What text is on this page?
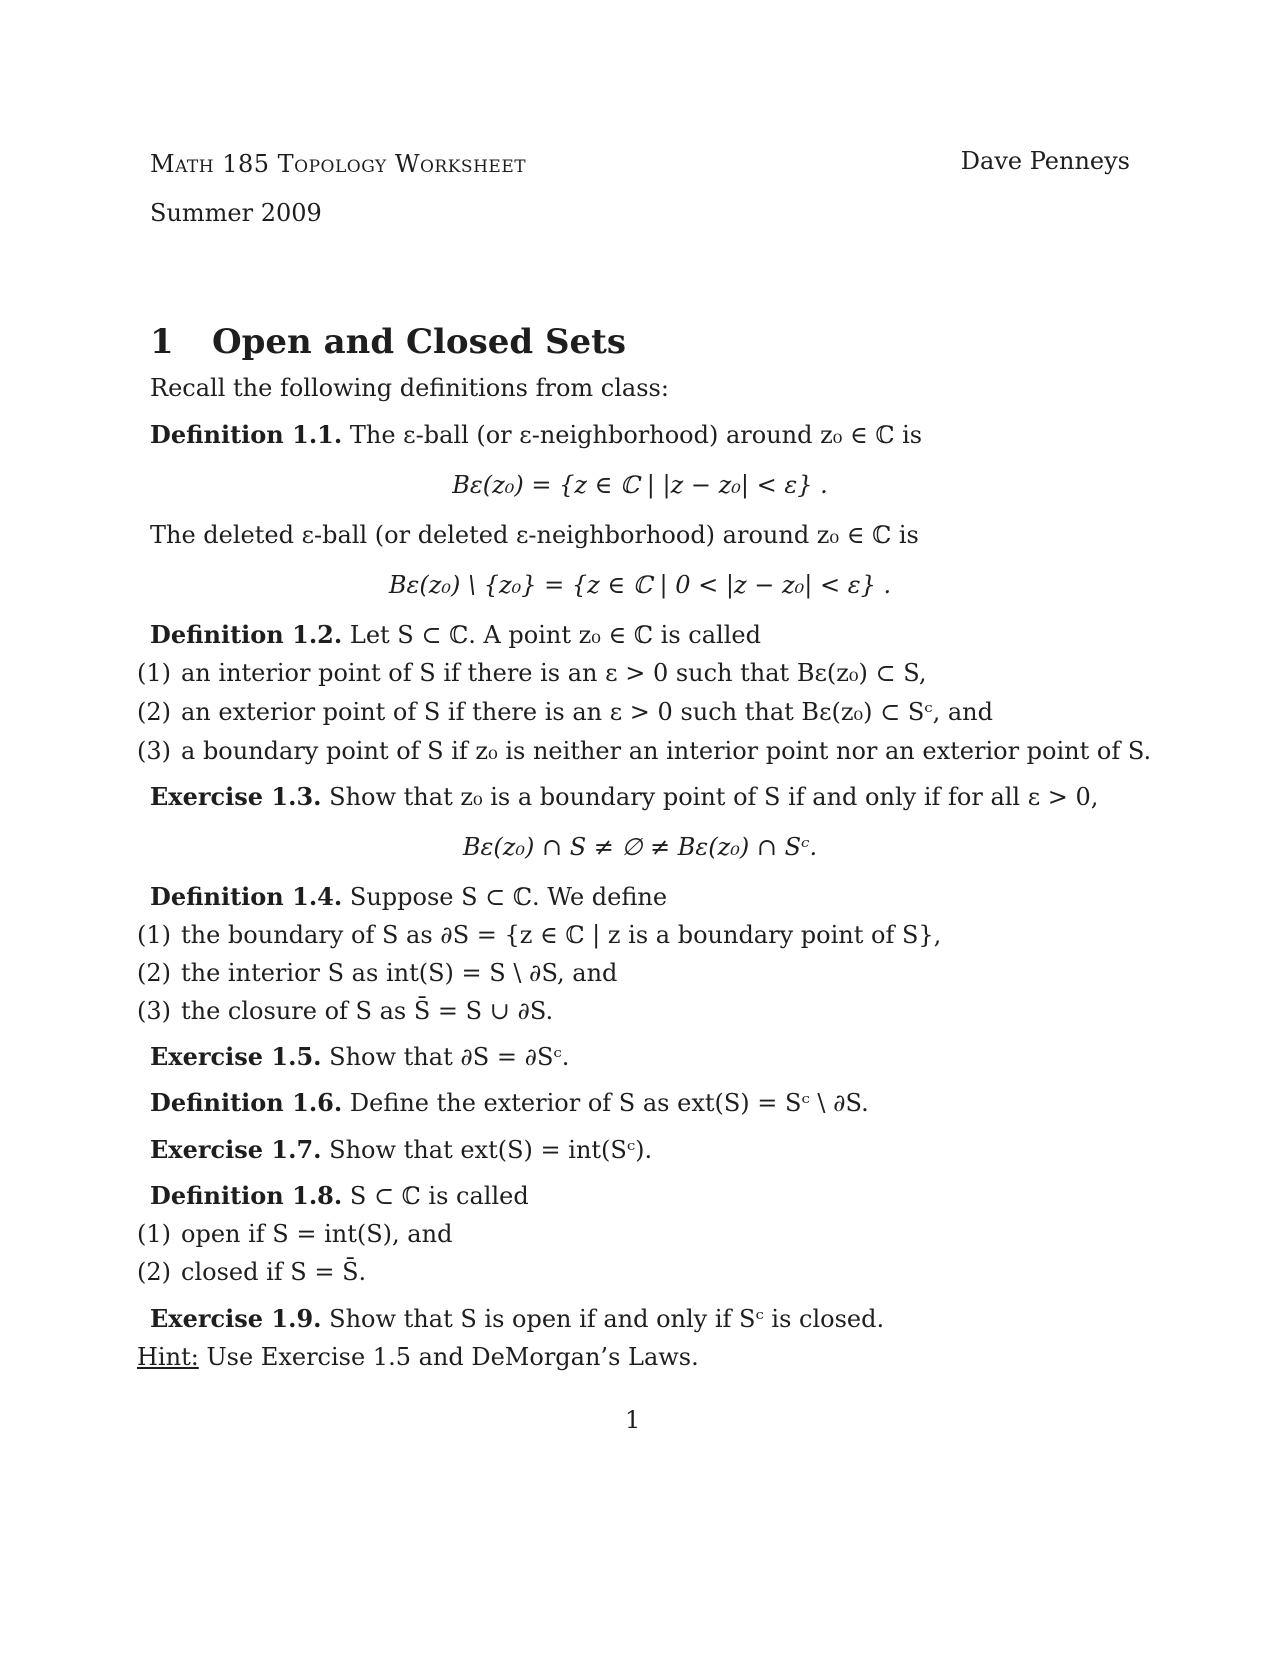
Math 185 Topology Worksheet	Dave Penneys
Summer 2009
1 Open and Closed Sets
Recall the following definitions from class:
Definition 1.1. The ε-ball (or ε-neighborhood) around z₀ ∈ ℂ is
Bε(z₀) = {z ∈ ℂ | |z − z₀| < ε} .
The deleted ε-ball (or deleted ε-neighborhood) around z₀ ∈ ℂ is
Bε(z₀) \ {z₀} = {z ∈ ℂ | 0 < |z − z₀| < ε} .
Definition 1.2. Let S ⊂ ℂ. A point z₀ ∈ ℂ is called
(1) an interior point of S if there is an ε > 0 such that Bε(z₀) ⊂ S,
(2) an exterior point of S if there is an ε > 0 such that Bε(z₀) ⊂ Sᶜ, and
(3) a boundary point of S if z₀ is neither an interior point nor an exterior point of S.
Exercise 1.3. Show that z₀ is a boundary point of S if and only if for all ε > 0,
Bε(z₀) ∩ S ≠ ∅ ≠ Bε(z₀) ∩ Sᶜ.
Definition 1.4. Suppose S ⊂ ℂ. We define
(1) the boundary of S as ∂S = {z ∈ ℂ | z is a boundary point of S},
(2) the interior S as int(S) = S \ ∂S, and
(3) the closure of S as S̄ = S ∪ ∂S.
Exercise 1.5. Show that ∂S = ∂Sᶜ.
Definition 1.6. Define the exterior of S as ext(S) = Sᶜ \ ∂S.
Exercise 1.7. Show that ext(S) = int(Sᶜ).
Definition 1.8. S ⊂ ℂ is called
(1) open if S = int(S), and
(2) closed if S = S̄.
Exercise 1.9. Show that S is open if and only if Sᶜ is closed.
Hint: Use Exercise 1.5 and DeMorgan’s Laws.
1
